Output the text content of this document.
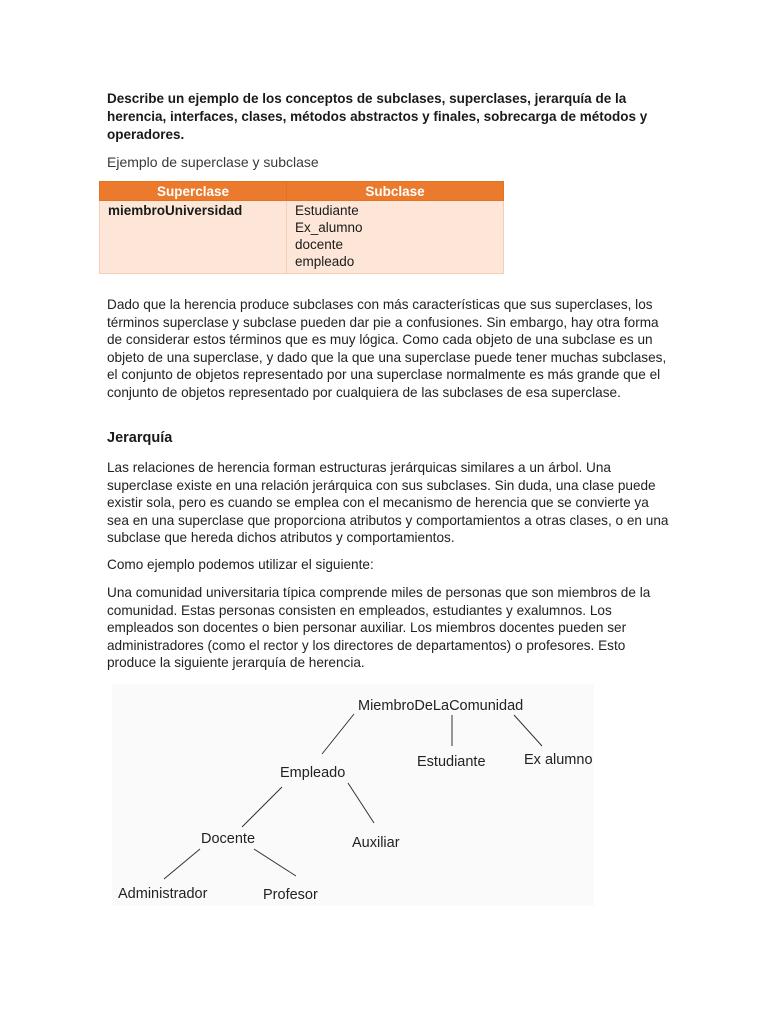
Describe un ejemplo de los conceptos de subclases, superclases, jerarquía de la herencia, interfaces, clases, métodos abstractos y finales, sobrecarga de métodos y operadores.

Ejemplo de superclase y subclase

Superclase	Subclase
miembroUniversidad	Estudiante
Ex_alumno
docente
empleado

Dado que la herencia produce subclases con más características que sus superclases, los términos superclase y subclase pueden dar pie a confusiones. Sin embargo, hay otra forma de considerar estos términos que es muy lógica. Como cada objeto de una subclase es un objeto de una superclase, y dado que la que una superclase puede tener muchas subclases, el conjunto de objetos representado por una superclase normalmente es más grande que el conjunto de objetos representado por cualquiera de las subclases de esa superclase.

Jerarquía

Las relaciones de herencia forman estructuras jerárquicas similares a un árbol. Una superclase existe en una relación jerárquica con sus subclases. Sin duda, una clase puede existir sola, pero es cuando se emplea con el mecanismo de herencia que se convierte ya sea en una superclase que proporciona atributos y comportamientos a otras clases, o en una subclase que hereda dichos atributos y comportamientos.

Como ejemplo podemos utilizar el siguiente:

Una comunidad universitaria típica comprende miles de personas que son miembros de la comunidad. Estas personas consisten en empleados, estudiantes y exalumnos. Los empleados son docentes o bien personar auxiliar. Los miembros docentes pueden ser administradores (como el rector y los directores de departamentos) o profesores. Esto produce la siguiente jerarquía de herencia.

MiembroDeLaComunidad
Empleado
Estudiante	Ex alumno
Docente	Auxiliar
Administrador	Profesor
